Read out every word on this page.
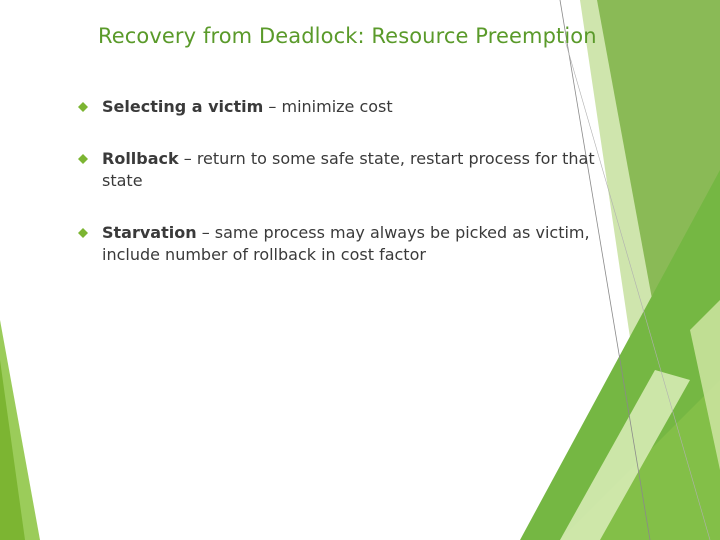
Recovery from Deadlock: Resource Preemption
Selecting a victim – minimize cost
Rollback – return to some safe state, restart process for that state
Starvation – same process may always be picked as victim, include number of rollback in cost factor
